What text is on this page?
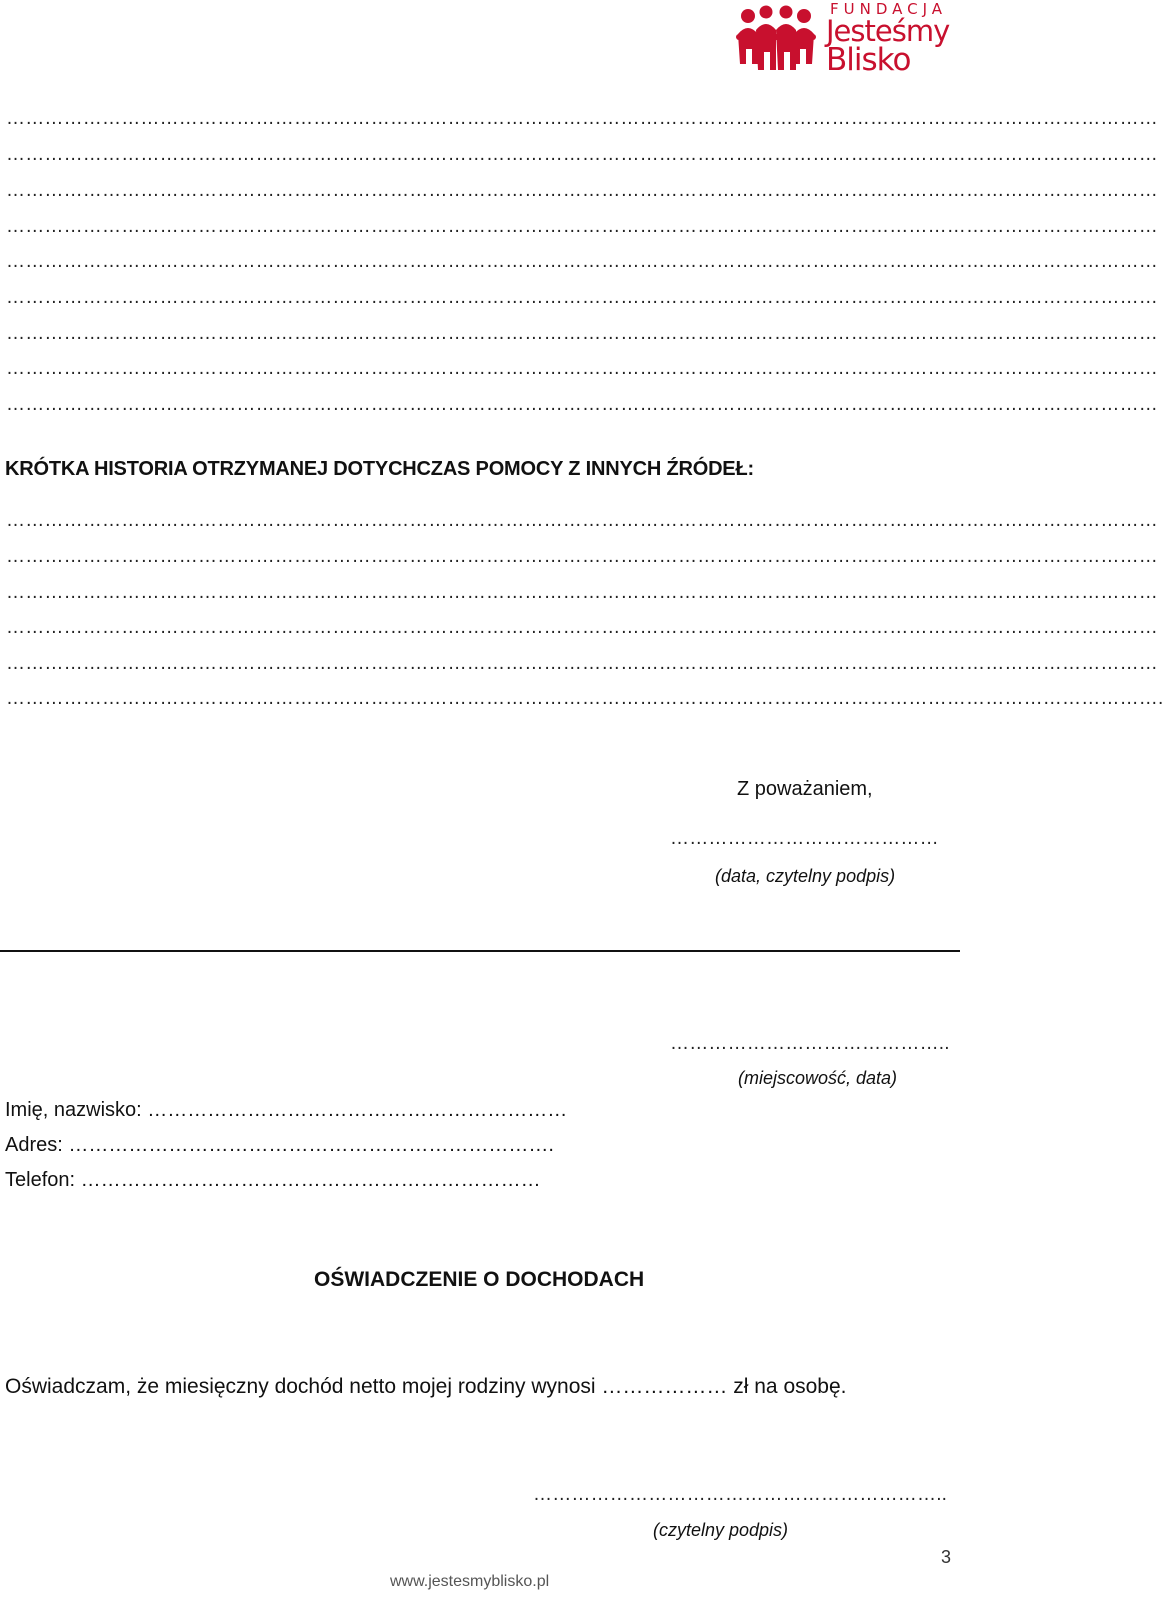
FUNDACJA
Jesteśmy
Blisko
………………………………………………………………………………………………………………………………………………………………
………………………………………………………………………………………………………………………………………………………………
………………………………………………………………………………………………………………………………………………………………
………………………………………………………………………………………………………………………………………………………………
………………………………………………………………………………………………………………………………………………………………
………………………………………………………………………………………………………………………………………………………………
………………………………………………………………………………………………………………………………………………………………
………………………………………………………………………………………………………………………………………………………………
………………………………………………………………………………………………………………………………………………………………
KRÓTKA HISTORIA OTRZYMANEJ DOTYCHCZAS POMOCY Z INNYCH ŹRÓDEŁ:
………………………………………………………………………………………………………………………………………………………………
………………………………………………………………………………………………………………………………………………………………
………………………………………………………………………………………………………………………………………………………………
………………………………………………………………………………………………………………………………………………………………
………………………………………………………………………………………………………………………………………………………………
……………………………………………………………………………………………………………………………………………………………….
Z poważaniem,
……………………………………
(data, czytelny podpis)
……………………………………..
(miejscowość, data)
Imię, nazwisko: ………………………………………………………
Adres: ……………………………………………………………….
Telefon: ……………………………………………………………
OŚWIADCZENIE O DOCHODACH
Oświadczam, że miesięczny dochód netto mojej rodziny wynosi ……………… zł na osobę.
………………………………………………………..
(czytelny podpis)
3
www.jestesmyblisko.pl
